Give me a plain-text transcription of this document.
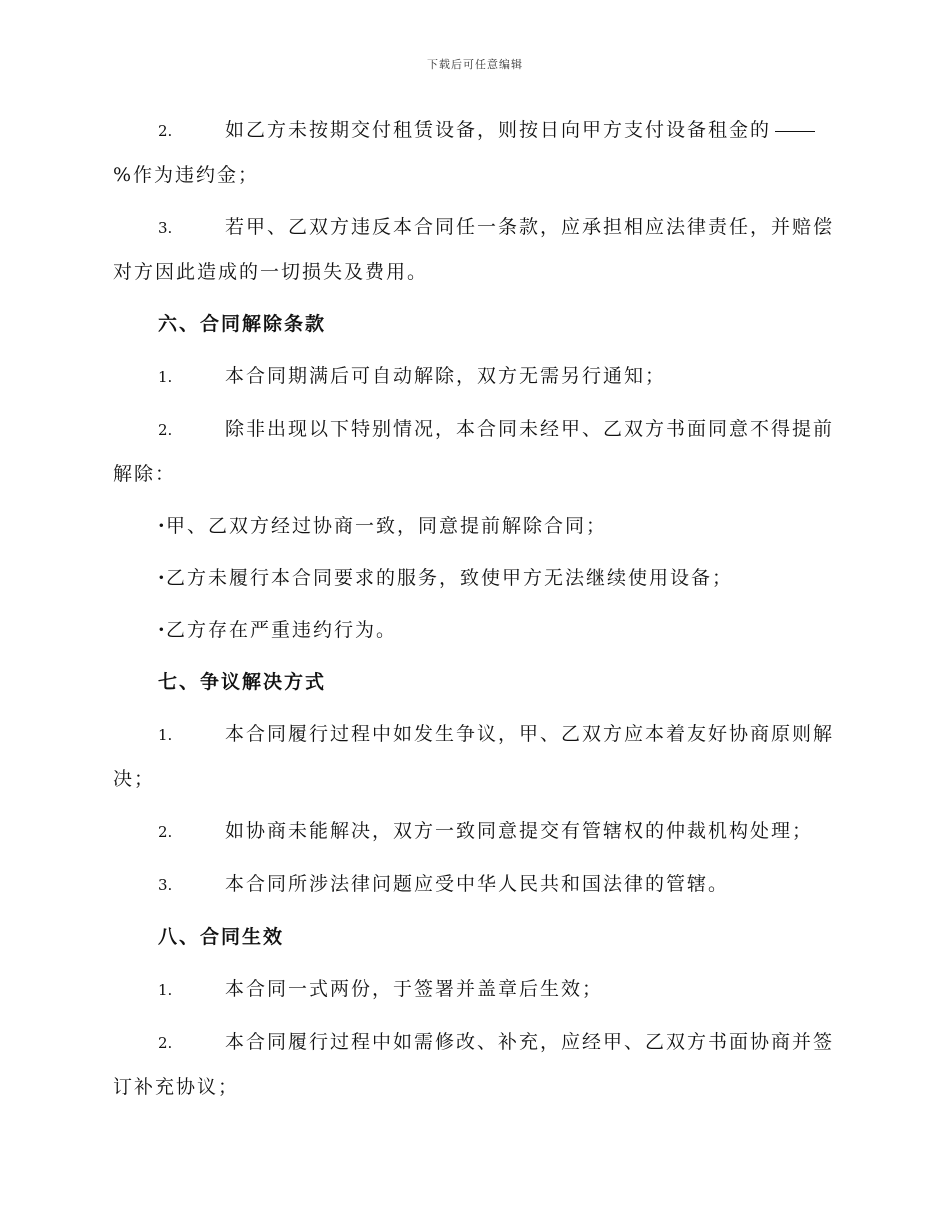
下载后可任意编辑

2.	如乙方未按期交付租赁设备，则按日向甲方支付设备租金的
%作为违约金；

3.	若甲、乙双方违反本合同任一条款，应承担相应法律责任，并赔偿对方因此造成的一切损失及费用。

六、合同解除条款

1.	本合同期满后可自动解除，双方无需另行通知；

2.	除非出现以下特别情况，本合同未经甲、乙双方书面同意不得提前解除：

·甲、乙双方经过协商一致，同意提前解除合同；

·乙方未履行本合同要求的服务，致使甲方无法继续使用设备；

·乙方存在严重违约行为。

七、争议解决方式

1.	本合同履行过程中如发生争议，甲、乙双方应本着友好协商原则解决；

2.	如协商未能解决，双方一致同意提交有管辖权的仲裁机构处理；

3.	本合同所涉法律问题应受中华人民共和国法律的管辖。

八、合同生效

1.	本合同一式两份，于签署并盖章后生效；

2.	本合同履行过程中如需修改、补充，应经甲、乙双方书面协商并签订补充协议；
